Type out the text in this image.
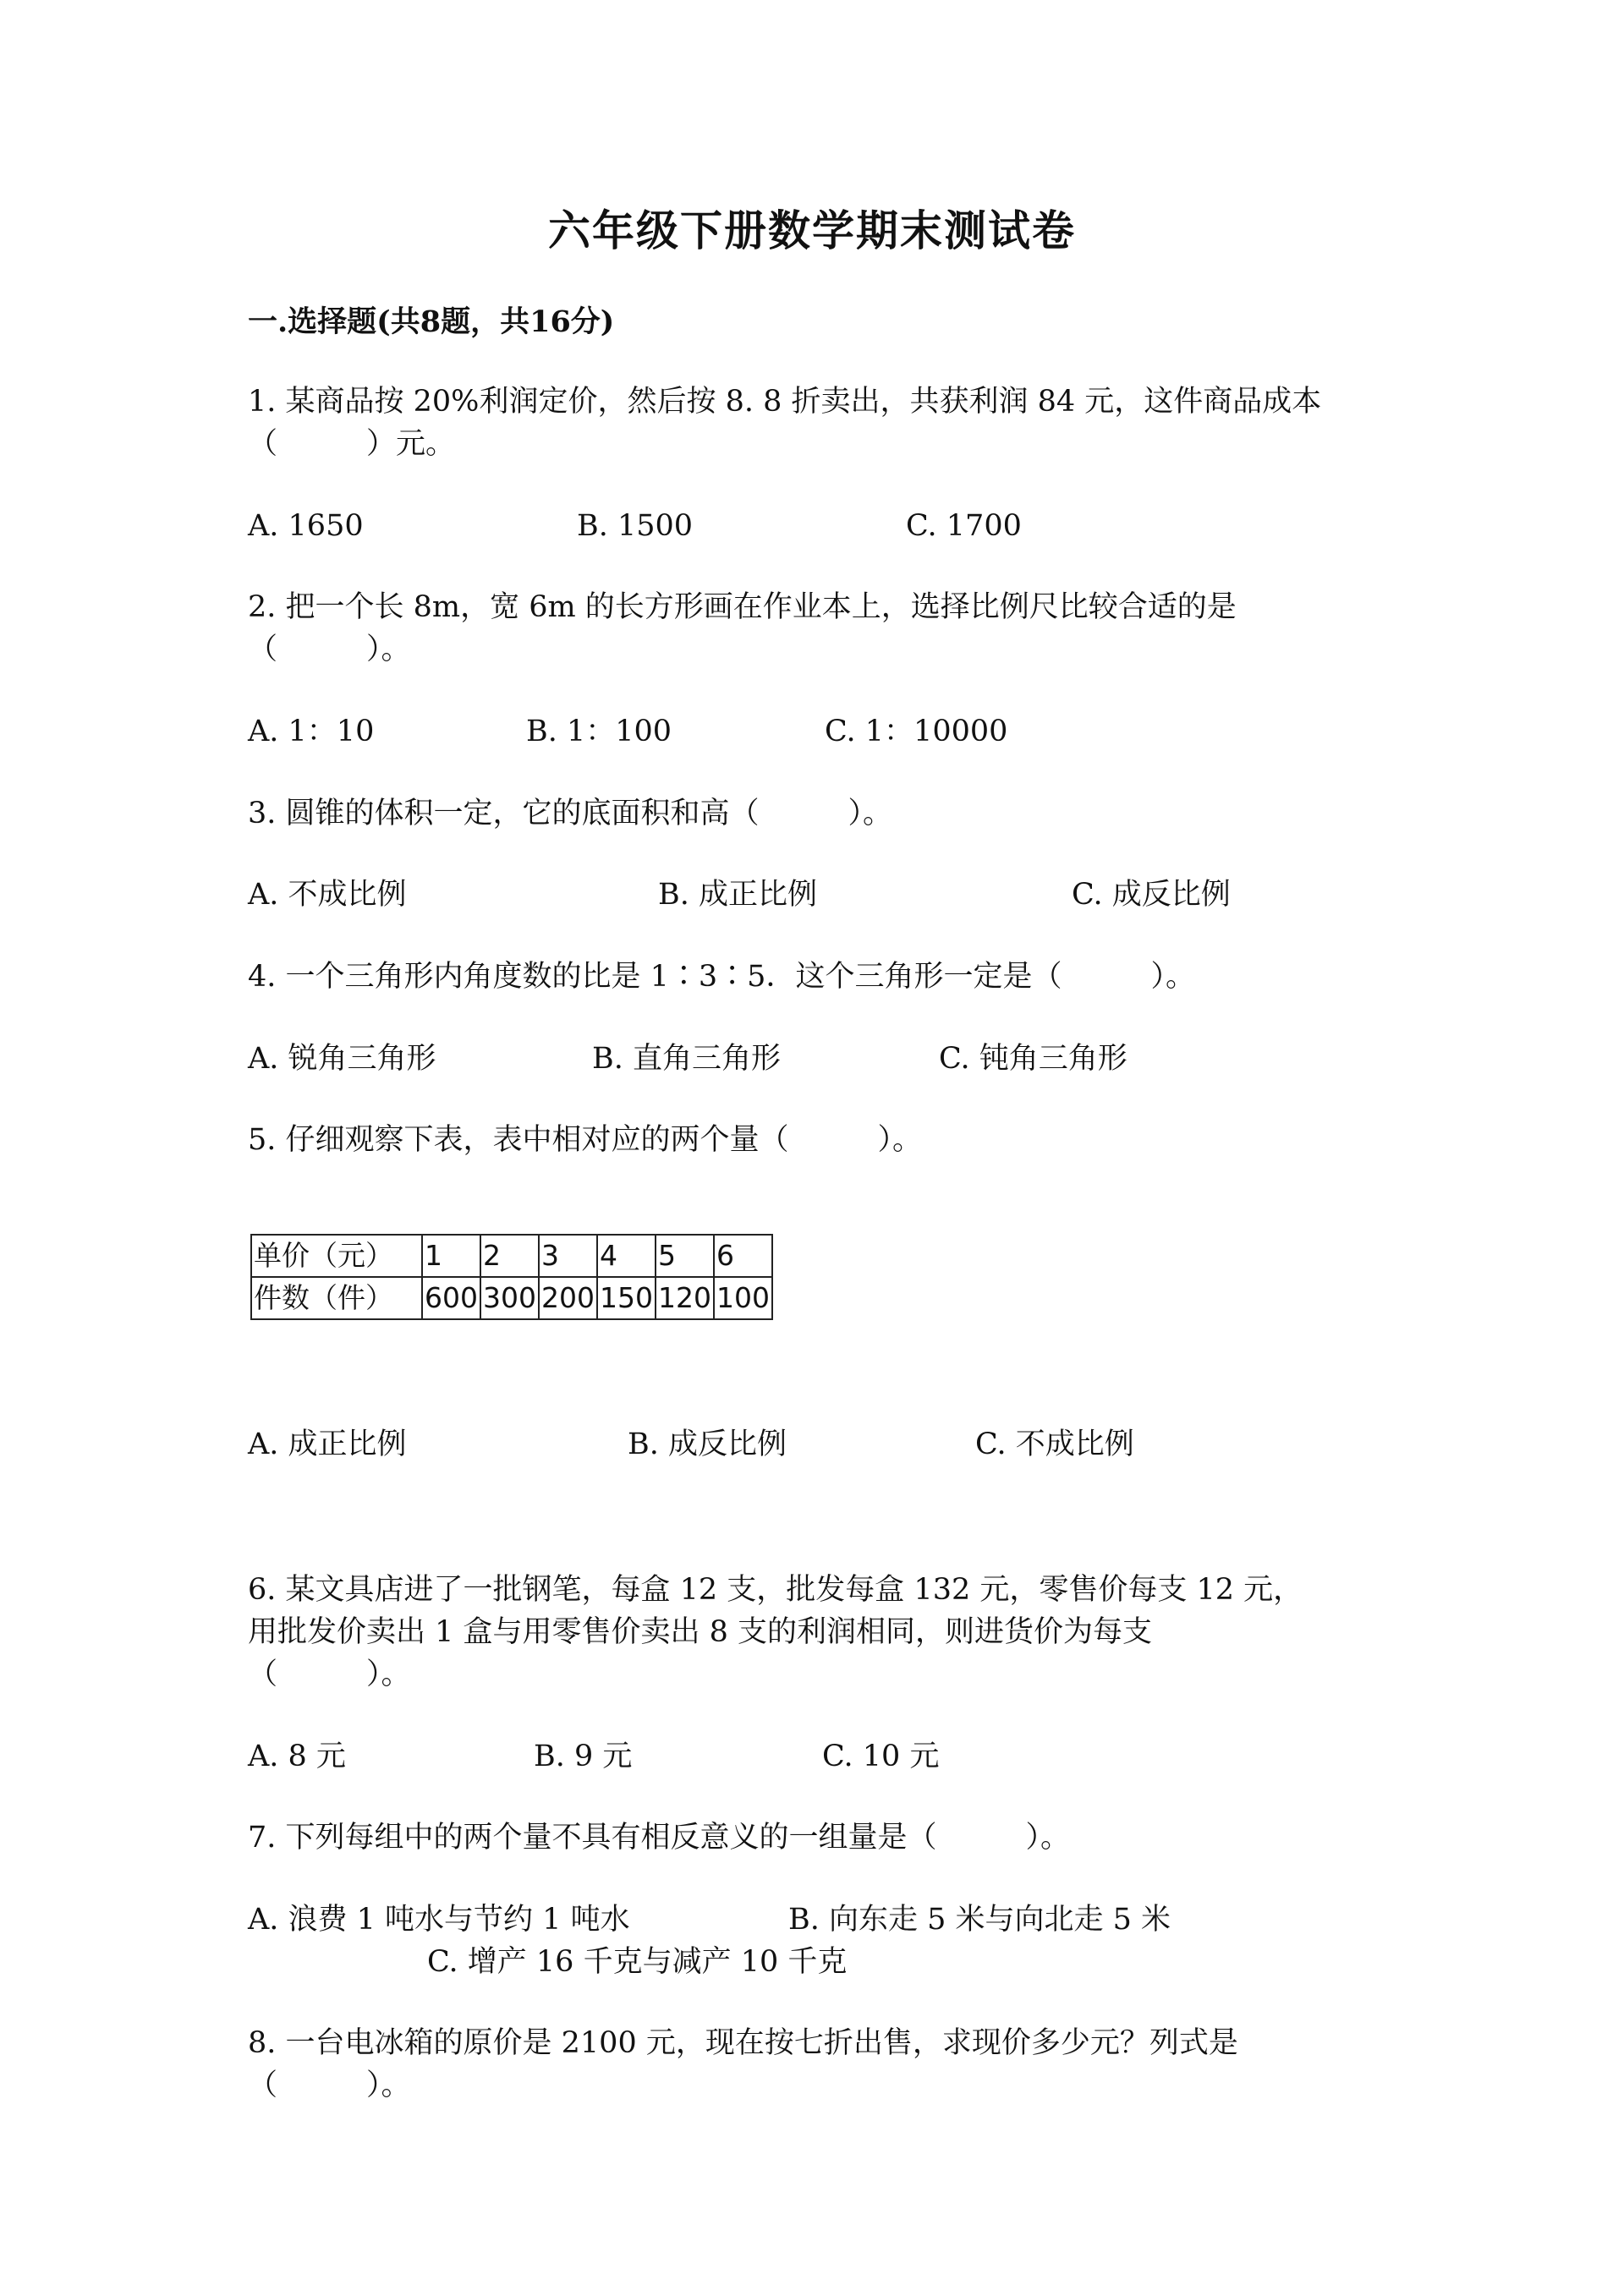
六年级下册数学期末测试卷
一.选择题(共8题，共16分)
1. 某商品按 20%利润定价，然后按 8. 8 折卖出，共获利润 84 元，这件商品成本
（　　　）元。
A. 1650	B. 1500	C. 1700
2. 把一个长 8m，宽 6m 的长方形画在作业本上，选择比例尺比较合适的是
（　　　）。
A. 1：10	B. 1：100	C. 1：10000
3. 圆锥的体积一定，它的底面积和高（　　　）。
A. 不成比例	B. 成正比例	C. 成反比例
4. 一个三角形内角度数的比是 1∶3∶5．这个三角形一定是（　　　）。
A. 锐角三角形	B. 直角三角形	C. 钝角三角形
5. 仔细观察下表，表中相对应的两个量（　　　）。
单价（元）	1	2	3	4	5	6
件数（件）	600	300	200	150	120	100
A. 成正比例	B. 成反比例	C. 不成比例
6. 某文具店进了一批钢笔，每盒 12 支，批发每盒 132 元，零售价每支 12 元，
用批发价卖出 1 盒与用零售价卖出 8 支的利润相同，则进货价为每支
（　　　）。
A. 8 元	B. 9 元	C. 10 元
7. 下列每组中的两个量不具有相反意义的一组量是（　　　）。
A. 浪费 1 吨水与节约 1 吨水	B. 向东走 5 米与向北走 5 米
C. 增产 16 千克与减产 10 千克
8. 一台电冰箱的原价是 2100 元，现在按七折出售，求现价多少元？列式是
（　　　）。
